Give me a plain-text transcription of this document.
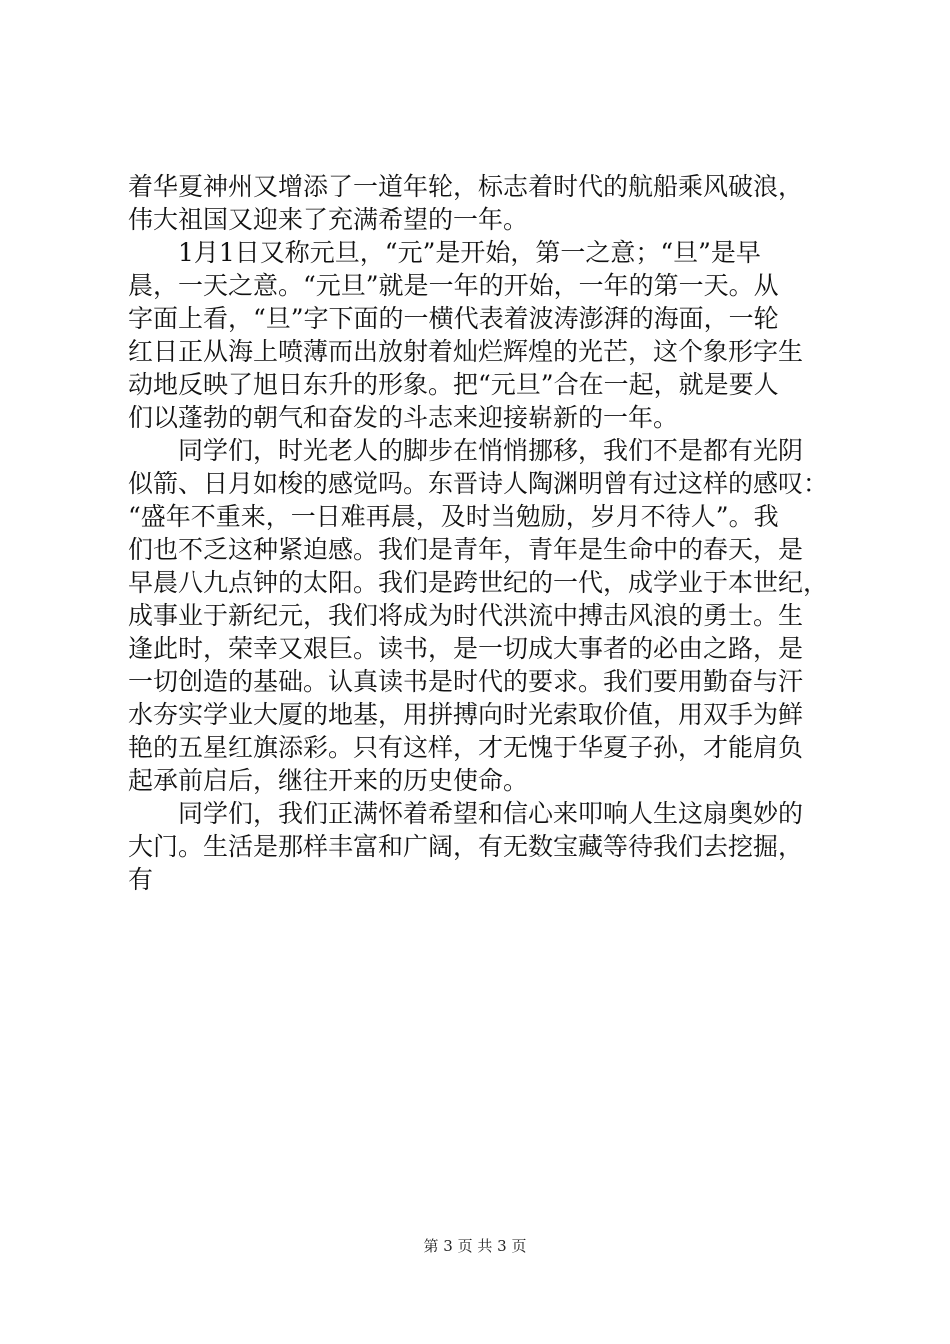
着华夏神州又增添了一道年轮，标志着时代的航船乘风破浪，
伟大祖国又迎来了充满希望的一年。
1月1日又称元旦，“元”是开始，第一之意；“旦”是早
晨，一天之意。“元旦”就是一年的开始，一年的第一天。从
字面上看，“旦”字下面的一横代表着波涛澎湃的海面，一轮
红日正从海上喷薄而出放射着灿烂辉煌的光芒，这个象形字生
动地反映了旭日东升的形象。把“元旦”合在一起，就是要人
们以蓬勃的朝气和奋发的斗志来迎接崭新的一年。
同学们，时光老人的脚步在悄悄挪移，我们不是都有光阴
似箭、日月如梭的感觉吗。东晋诗人陶渊明曾有过这样的感叹：
“盛年不重来，一日难再晨，及时当勉励，岁月不待人”。我
们也不乏这种紧迫感。我们是青年，青年是生命中的春天，是
早晨八九点钟的太阳。我们是跨世纪的一代，成学业于本世纪，
成事业于新纪元，我们将成为时代洪流中搏击风浪的勇士。生
逢此时，荣幸又艰巨。读书，是一切成大事者的必由之路，是
一切创造的基础。认真读书是时代的要求。我们要用勤奋与汗
水夯实学业大厦的地基，用拼搏向时光索取价值，用双手为鲜
艳的五星红旗添彩。只有这样，才无愧于华夏子孙，才能肩负
起承前启后，继往开来的历史使命。
同学们，我们正满怀着希望和信心来叩响人生这扇奥妙的
大门。生活是那样丰富和广阔，有无数宝藏等待我们去挖掘，
有
第 3 页 共 3 页
